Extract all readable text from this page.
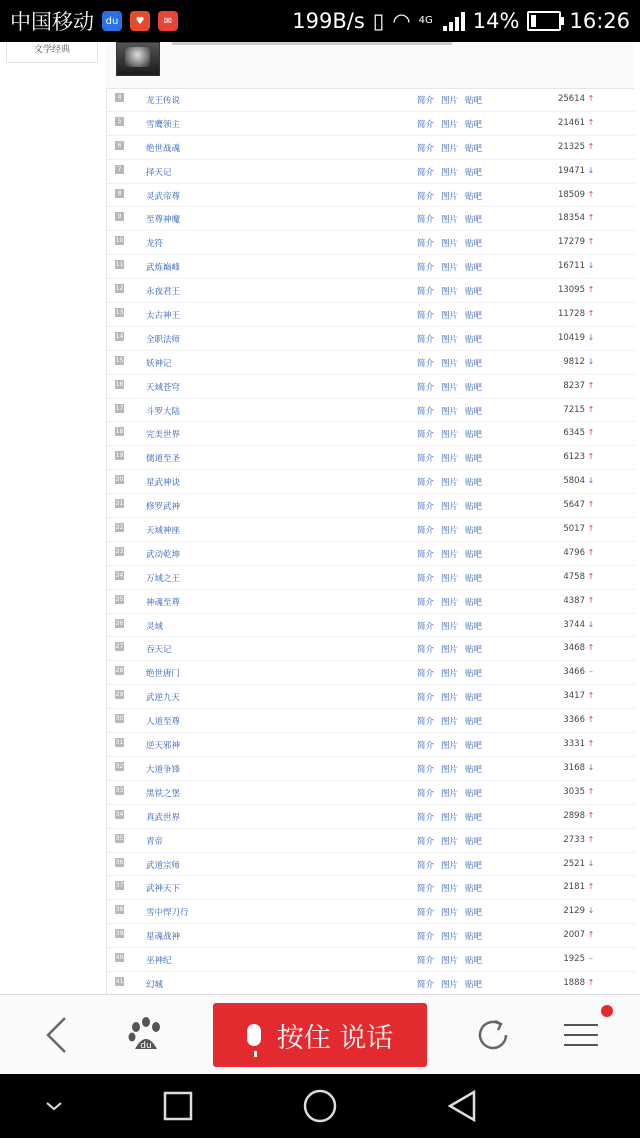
中国移动	du	♥	✉	199B/s ▯ ◠ 4G 14% 16:26
文学经典
4	龙王传说	简介 图片 贴吧	25614 ↑
5	雪鹰领主	简介 图片 贴吧	21461 ↑
6	绝世战魂	简介 图片 贴吧	21325 ↑
7	择天记	简介 图片 贴吧	19471 ↓
8	灵武帝尊	简介 图片 贴吧	18509 ↑
9	至尊神魔	简介 图片 贴吧	18354 ↑
10	龙符	简介 图片 贴吧	17279 ↑
11	武炼巅峰	简介 图片 贴吧	16711 ↓
12	永夜君王	简介 图片 贴吧	13095 ↑
13	太古神王	简介 图片 贴吧	11728 ↑
14	全职法师	简介 图片 贴吧	10419 ↓
15	妖神记	简介 图片 贴吧	9812 ↓
16	天域苍穹	简介 图片 贴吧	8237 ↑
17	斗罗大陆	简介 图片 贴吧	7215 ↑
18	完美世界	简介 图片 贴吧	6345 ↑
19	儒道至圣	简介 图片 贴吧	6123 ↑
20	星武神诀	简介 图片 贴吧	5804 ↓
21	修罗武神	简介 图片 贴吧	5647 ↑
22	天域神座	简介 图片 贴吧	5017 ↑
23	武动乾坤	简介 图片 贴吧	4796 ↑
24	万域之王	简介 图片 贴吧	4758 ↑
25	神魂至尊	简介 图片 贴吧	4387 ↑
26	灵域	简介 图片 贴吧	3744 ↓
27	吞天记	简介 图片 贴吧	3468 ↑
28	绝世唐门	简介 图片 贴吧	3466 –
29	武逆九天	简介 图片 贴吧	3417 ↑
30	人道至尊	简介 图片 贴吧	3366 ↑
31	逆天邪神	简介 图片 贴吧	3331 ↑
32	大道争锋	简介 图片 贴吧	3168 ↓
33	黑铁之堡	简介 图片 贴吧	3035 ↑
34	真武世界	简介 图片 贴吧	2898 ↑
35	青帝	简介 图片 贴吧	2733 ↑
36	武道宗师	简介 图片 贴吧	2521 ↓
37	武神天下	简介 图片 贴吧	2181 ↑
38	雪中悍刀行	简介 图片 贴吧	2129 ↓
39	星魂战神	简介 图片 贴吧	2007 ↑
40	巫神纪	简介 图片 贴吧	1925 –
41	幻城	简介 图片 贴吧	1888 ↑
du	按住 说话
